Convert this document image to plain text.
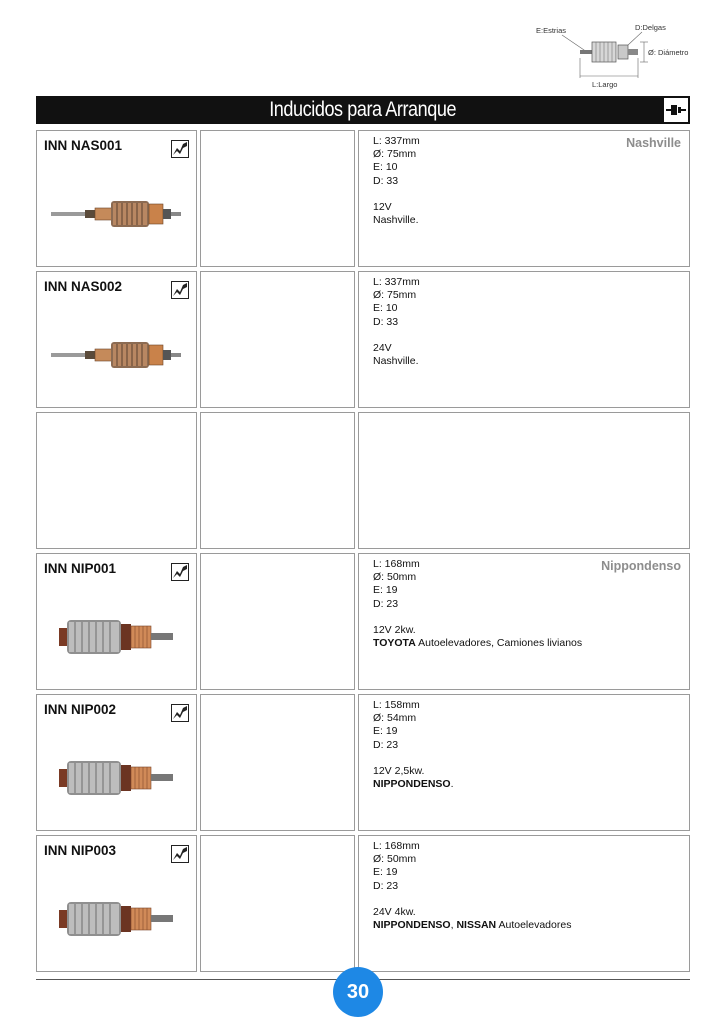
E:Estrias	D:Delgas
Ø: Diámetro
L:Largo
Inducidos para Arranque
INN NAS001	L: 337mm
Ø: 75mm
E: 10
D: 33
12V
Nashville.
Nashville
INN NAS002	L: 337mm
Ø: 75mm
E: 10
D: 33
24V
Nashville.
INN NIP001	L: 168mm
Ø: 50mm
E: 19
D: 23
12V 2kw.
TOYOTA Autoelevadores, Camiones livianos
Nippondenso
INN NIP002	L: 158mm
Ø: 54mm
E: 19
D: 23
12V 2,5kw.
NIPPONDENSO.
INN NIP003	L: 168mm
Ø: 50mm
E: 19
D: 23
24V 4kw.
NIPPONDENSO, NISSAN Autoelevadores
30
